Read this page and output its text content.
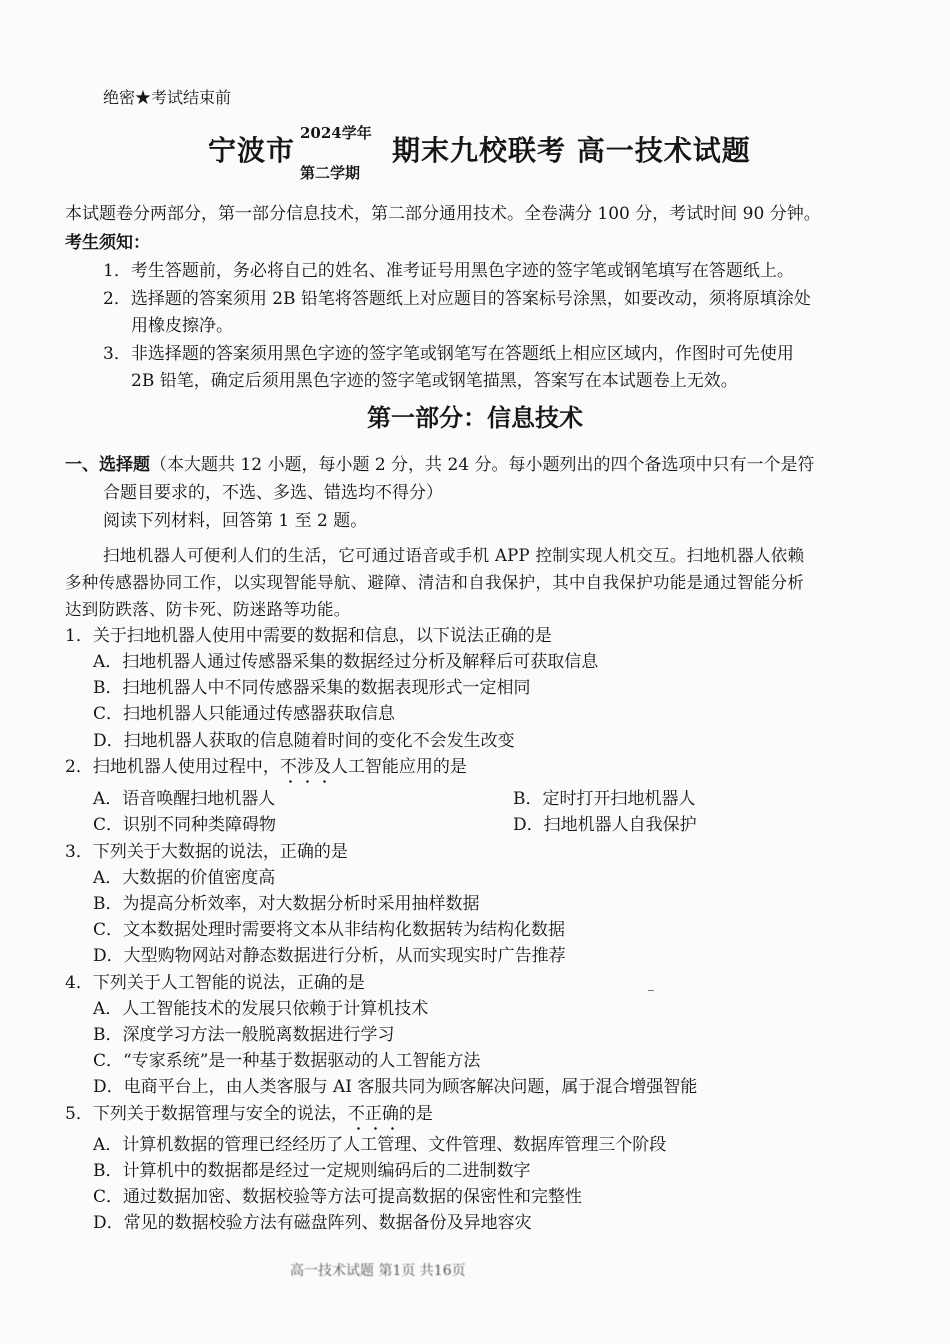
绝密★考试结束前
宁波市
2024学年
第二学期
期末九校联考 高一技术试题
本试题卷分两部分，第一部分信息技术，第二部分通用技术。全卷满分 100 分，考试时间 90 分钟。
考生须知：
1．考生答题前，务必将自己的姓名、准考证号用黑色字迹的签字笔或钢笔填写在答题纸上。
2．选择题的答案须用 2B 铅笔将答题纸上对应题目的答案标号涂黑，如要改动，须将原填涂处
用橡皮擦净。
3．非选择题的答案须用黑色字迹的签字笔或钢笔写在答题纸上相应区域内，作图时可先使用
2B 铅笔，确定后须用黑色字迹的签字笔或钢笔描黑，答案写在本试题卷上无效。
第一部分：信息技术
一、选择题（本大题共 12 小题，每小题 2 分，共 24 分。每小题列出的四个备选项中只有一个是符
合题目要求的，不选、多选、错选均不得分）
阅读下列材料，回答第 1 至 2 题。
扫地机器人可便利人们的生活，它可通过语音或手机 APP 控制实现人机交互。扫地机器人依赖
多种传感器协同工作，以实现智能导航、避障、清洁和自我保护，其中自我保护功能是通过智能分析
达到防跌落、防卡死、防迷路等功能。
1．关于扫地机器人使用中需要的数据和信息，以下说法正确的是
A．扫地机器人通过传感器采集的数据经过分析及解释后可获取信息
B．扫地机器人中不同传感器采集的数据表现形式一定相同
C．扫地机器人只能通过传感器获取信息
D．扫地机器人获取的信息随着时间的变化不会发生改变
2．扫地机器人使用过程中，不涉及人工智能应用的是
A．语音唤醒扫地机器人	B．定时打开扫地机器人
C．识别不同种类障碍物	D．扫地机器人自我保护
3．下列关于大数据的说法，正确的是
A．大数据的价值密度高
B．为提高分析效率，对大数据分析时采用抽样数据
C．文本数据处理时需要将文本从非结构化数据转为结构化数据
D．大型购物网站对静态数据进行分析，从而实现实时广告推荐
4．下列关于人工智能的说法，正确的是
A．人工智能技术的发展只依赖于计算机技术
B．深度学习方法一般脱离数据进行学习
C．“专家系统”是一种基于数据驱动的人工智能方法
D．电商平台上，由人类客服与 AI 客服共同为顾客解决问题，属于混合增强智能
5．下列关于数据管理与安全的说法，不正确的是
A．计算机数据的管理已经经历了人工管理、文件管理、数据库管理三个阶段
B．计算机中的数据都是经过一定规则编码后的二进制数字
C．通过数据加密、数据校验等方法可提高数据的保密性和完整性
D．常见的数据校验方法有磁盘阵列、数据备份及异地容灾
高一技术试题 第1页 共16页
